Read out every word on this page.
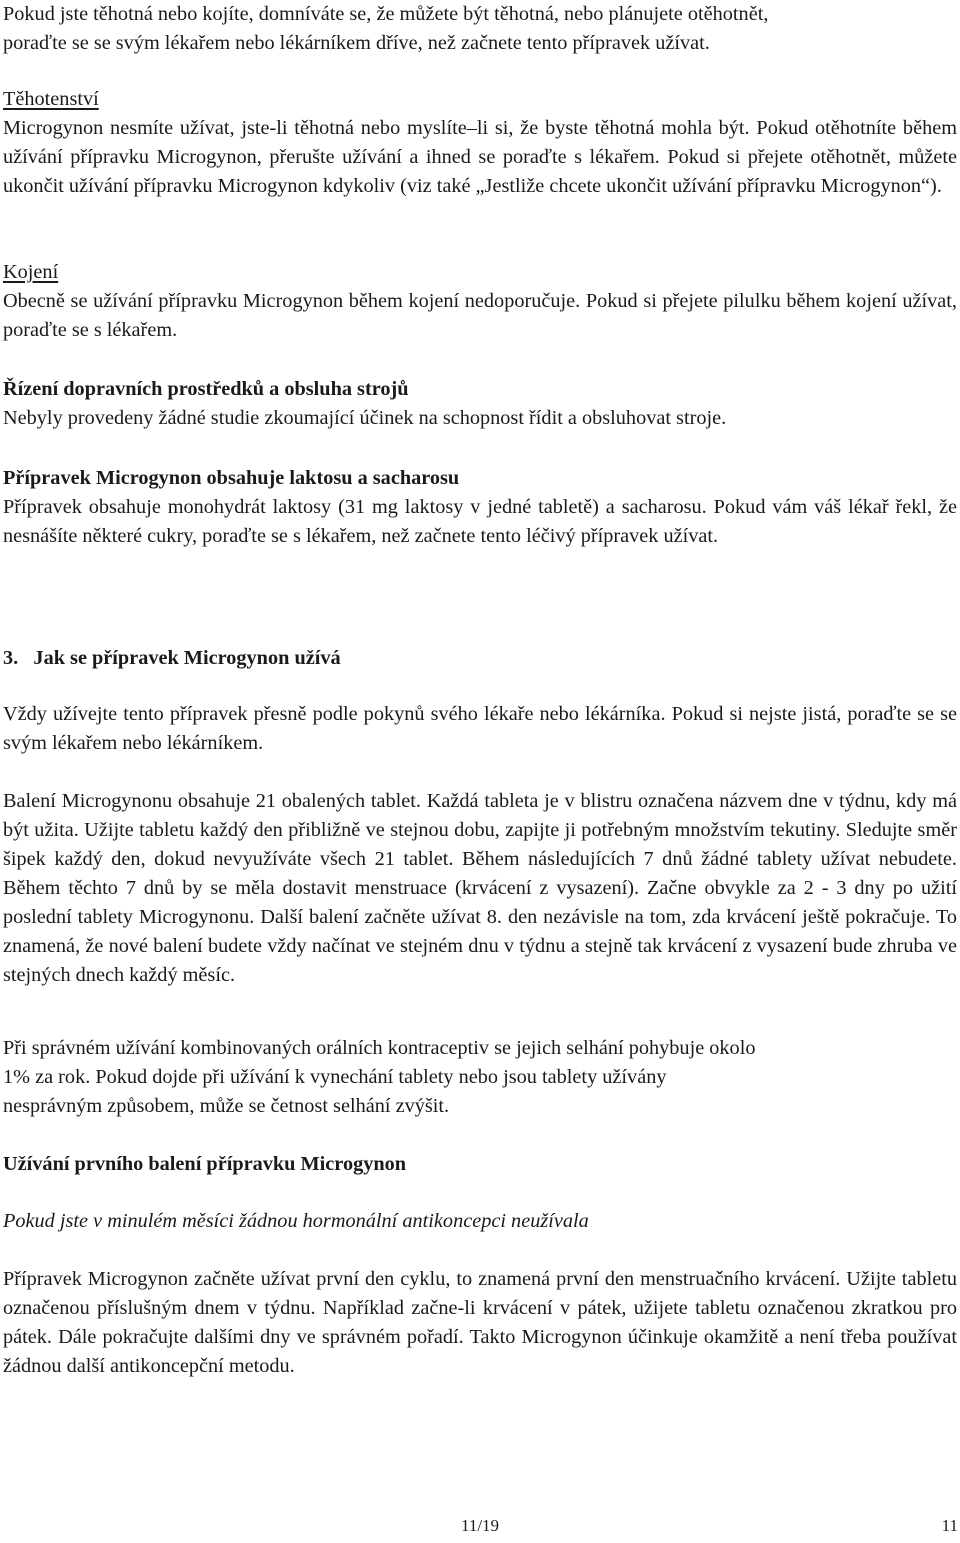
Pokud jste těhotná nebo kojíte, domníváte se, že můžete být těhotná, nebo plánujete otěhotnět,

poraďte se se svým lékařem nebo lékárníkem dříve, než začnete tento přípravek užívat.

Těhotenství

Microgynon nesmíte užívat, jste-li těhotná nebo myslíte–li si, že byste těhotná mohla být. Pokud otěhotníte během užívání přípravku Microgynon, přerušte užívání a ihned se poraďte s lékařem. Pokud si přejete otěhotnět, můžete ukončit užívání přípravku Microgynon kdykoliv (viz také „Jestliže chcete ukončit užívání přípravku Microgynon“).

Kojení

Obecně se užívání přípravku Microgynon během kojení nedoporučuje. Pokud si přejete pilulku během kojení užívat, poraďte se s lékařem.

Řízení dopravních prostředků a obsluha strojů

Nebyly provedeny žádné studie zkoumající účinek na schopnost řídit a obsluhovat stroje.

Přípravek Microgynon obsahuje laktosu a sacharosu

Přípravek obsahuje monohydrát laktosy (31 mg laktosy v jedné tabletě) a sacharosu. Pokud vám váš lékař řekl, že nesnášíte některé cukry, poraďte se s lékařem, než začnete tento léčivý přípravek užívat.

3.   Jak se přípravek Microgynon užívá

Vždy užívejte tento přípravek přesně podle pokynů svého lékaře nebo lékárníka. Pokud si nejste jistá, poraďte se se svým lékařem nebo lékárníkem.

Balení Microgynonu obsahuje 21 obalených tablet. Každá tableta je v blistru označena názvem dne v týdnu, kdy má být užita. Užijte tabletu každý den přibližně ve stejnou dobu, zapijte ji potřebným množstvím tekutiny. Sledujte směr šipek každý den, dokud nevyužíváte všech 21 tablet. Během následujících 7 dnů žádné tablety užívat nebudete. Během těchto 7 dnů by se měla dostavit menstruace (krvácení z vysazení). Začne obvykle za 2 - 3 dny po užití poslední tablety Microgynonu. Další balení začněte užívat 8. den nezávisle na tom, zda krvácení ještě pokračuje. To znamená, že nové balení budete vždy načínat ve stejném dnu v týdnu a stejně tak krvácení z vysazení bude zhruba ve stejných dnech každý měsíc.

Při správném užívání kombinovaných orálních kontraceptiv se jejich selhání pohybuje okolo

1% za rok. Pokud dojde při užívání k vynechání tablety nebo jsou tablety užívány

nesprávným způsobem, může se četnost selhání zvýšit.

Užívání prvního balení přípravku Microgynon

Pokud jste v minulém měsíci žádnou hormonální antikoncepci neužívala

Přípravek Microgynon začněte užívat první den cyklu, to znamená první den menstruačního krvácení. Užijte tabletu označenou příslušným dnem v týdnu. Například začne-li krvácení v pátek, užijete tabletu označenou zkratkou pro pátek. Dále pokračujte dalšími dny ve správném pořadí. Takto Microgynon účinkuje okamžitě a není třeba používat žádnou další antikoncepční metodu.

11/19	11
